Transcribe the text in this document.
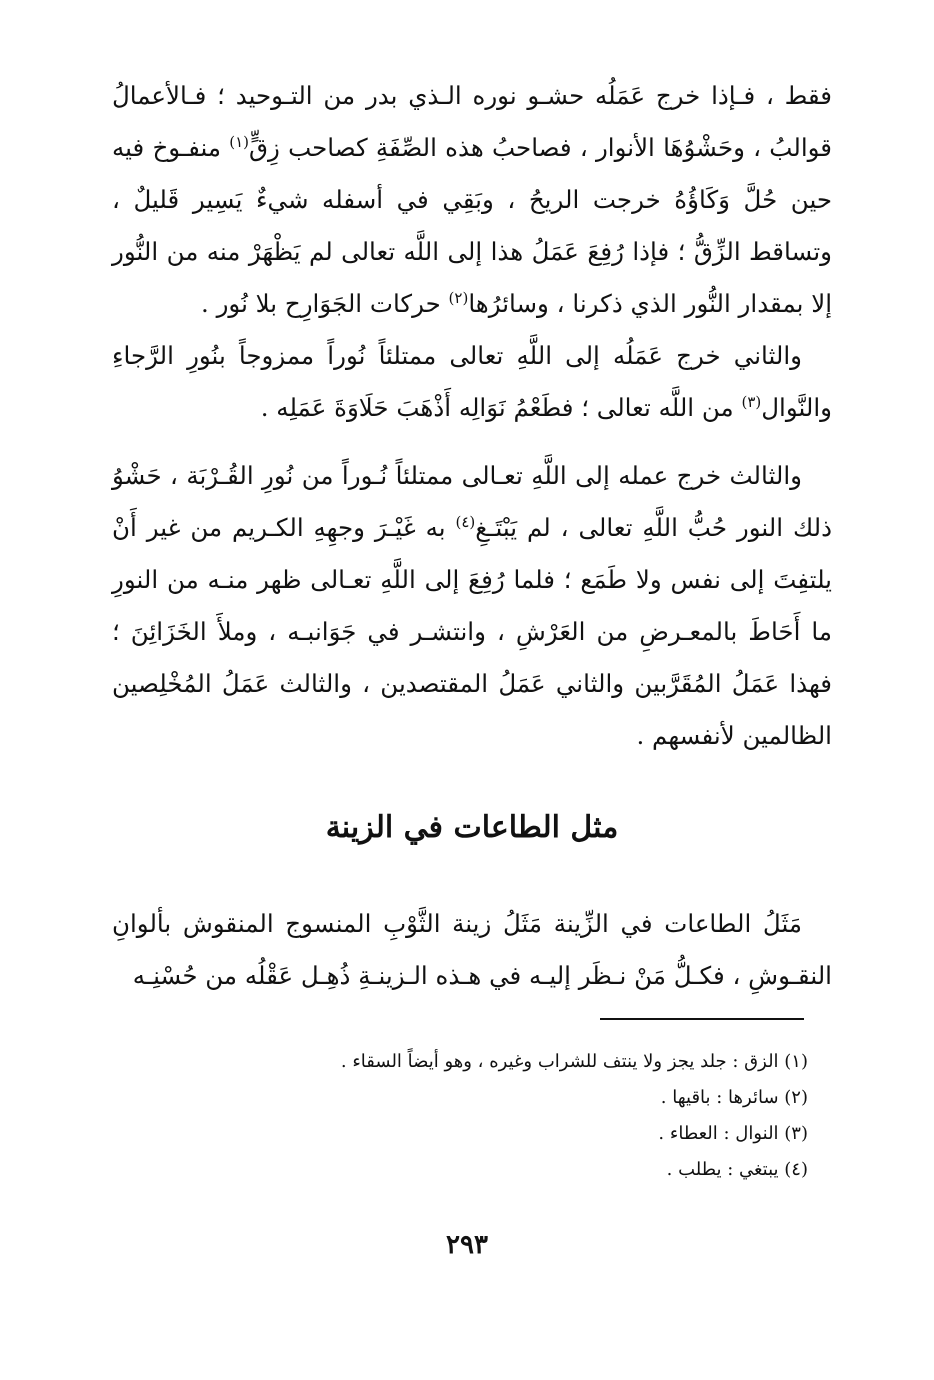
فقط ، فـإذا خرج عَمَلُه حشـو نوره الـذي بدر من التـوحيد ؛ فـالأعمالُ قوالبُ ، وحَشْوُهَا الأنوار ، فصاحبُ هذه الصِّفَةِ كصاحب زِقٍّ$^{(١)}$ منفـوخ فيه حين حُلَّ وَكَاؤُهُ خرجت الريحُ ، وبَقِي في أسفله شيءٌ يَسِير قَليلٌ ، وتساقط الزِّقُّ ؛ فإذا رُفِعَ عَمَلُ هذا إلى اللَّه تعالى لم يَظْهَرْ منه من النُّور إلا بمقدار النُّور الذي ذكرنا ، وسائرُها$^{(٢)}$ حركات الجَوَارِح بلا نُور .

والثاني خرج عَمَلُه إلى اللَّهِ تعالى ممتلئاً نُوراً ممزوجاً بنُورِ الرَّجاءِ والنَّوال$^{(٣)}$ من اللَّه تعالى ؛ فطَعْمُ نَوَالِه أَذْهَبَ حَلَاوَةَ عَمَلِه .

والثالث خرج عمله إلى اللَّهِ تعـالى ممتلئاً نُـوراً من نُورِ القُـرْبَة ، حَشْوُ ذلك النور حُبُّ اللَّهِ تعالى ، لم يَبْتَـغِ$^{(٤)}$ به غَيْـرَ وجهِهِ الكـريم من غير أَنْ يلتفِتَ إلى نفس ولا طَمَع ؛ فلما رُفِعَ إلى اللَّهِ تعـالى ظهر منـه من النورِ ما أَحَاطَ بالمعـرضِ من العَرْشِ ، وانتشـر في جَوَانبـه ، وملأَ الخَزَائِنَ ؛ فهذا عَمَلُ المُقَرَّبين والثاني عَمَلُ المقتصدين ، والثالث عَمَلُ المُخْلِصين الظالمين لأنفسهم .

مثل الطاعات في الزينة

مَثَلُ الطاعات في الزِّينة مَثَلُ زينة الثَّوْبِ المنسوج المنقوش بألوانِ النقـوشِ ، فكـلُّ مَنْ نـظَر إليـه في هـذه الـزينـةِ ذُهِـل عَقْلُه من حُسْنِـه

(١) الزق : جلد يجز ولا ينتف للشراب وغيره ، وهو أيضاً السقاء .
(٢) سائرها : باقيها .
(٣) النوال : العطاء .
(٤) يبتغي : يطلب .
٢٩٣
